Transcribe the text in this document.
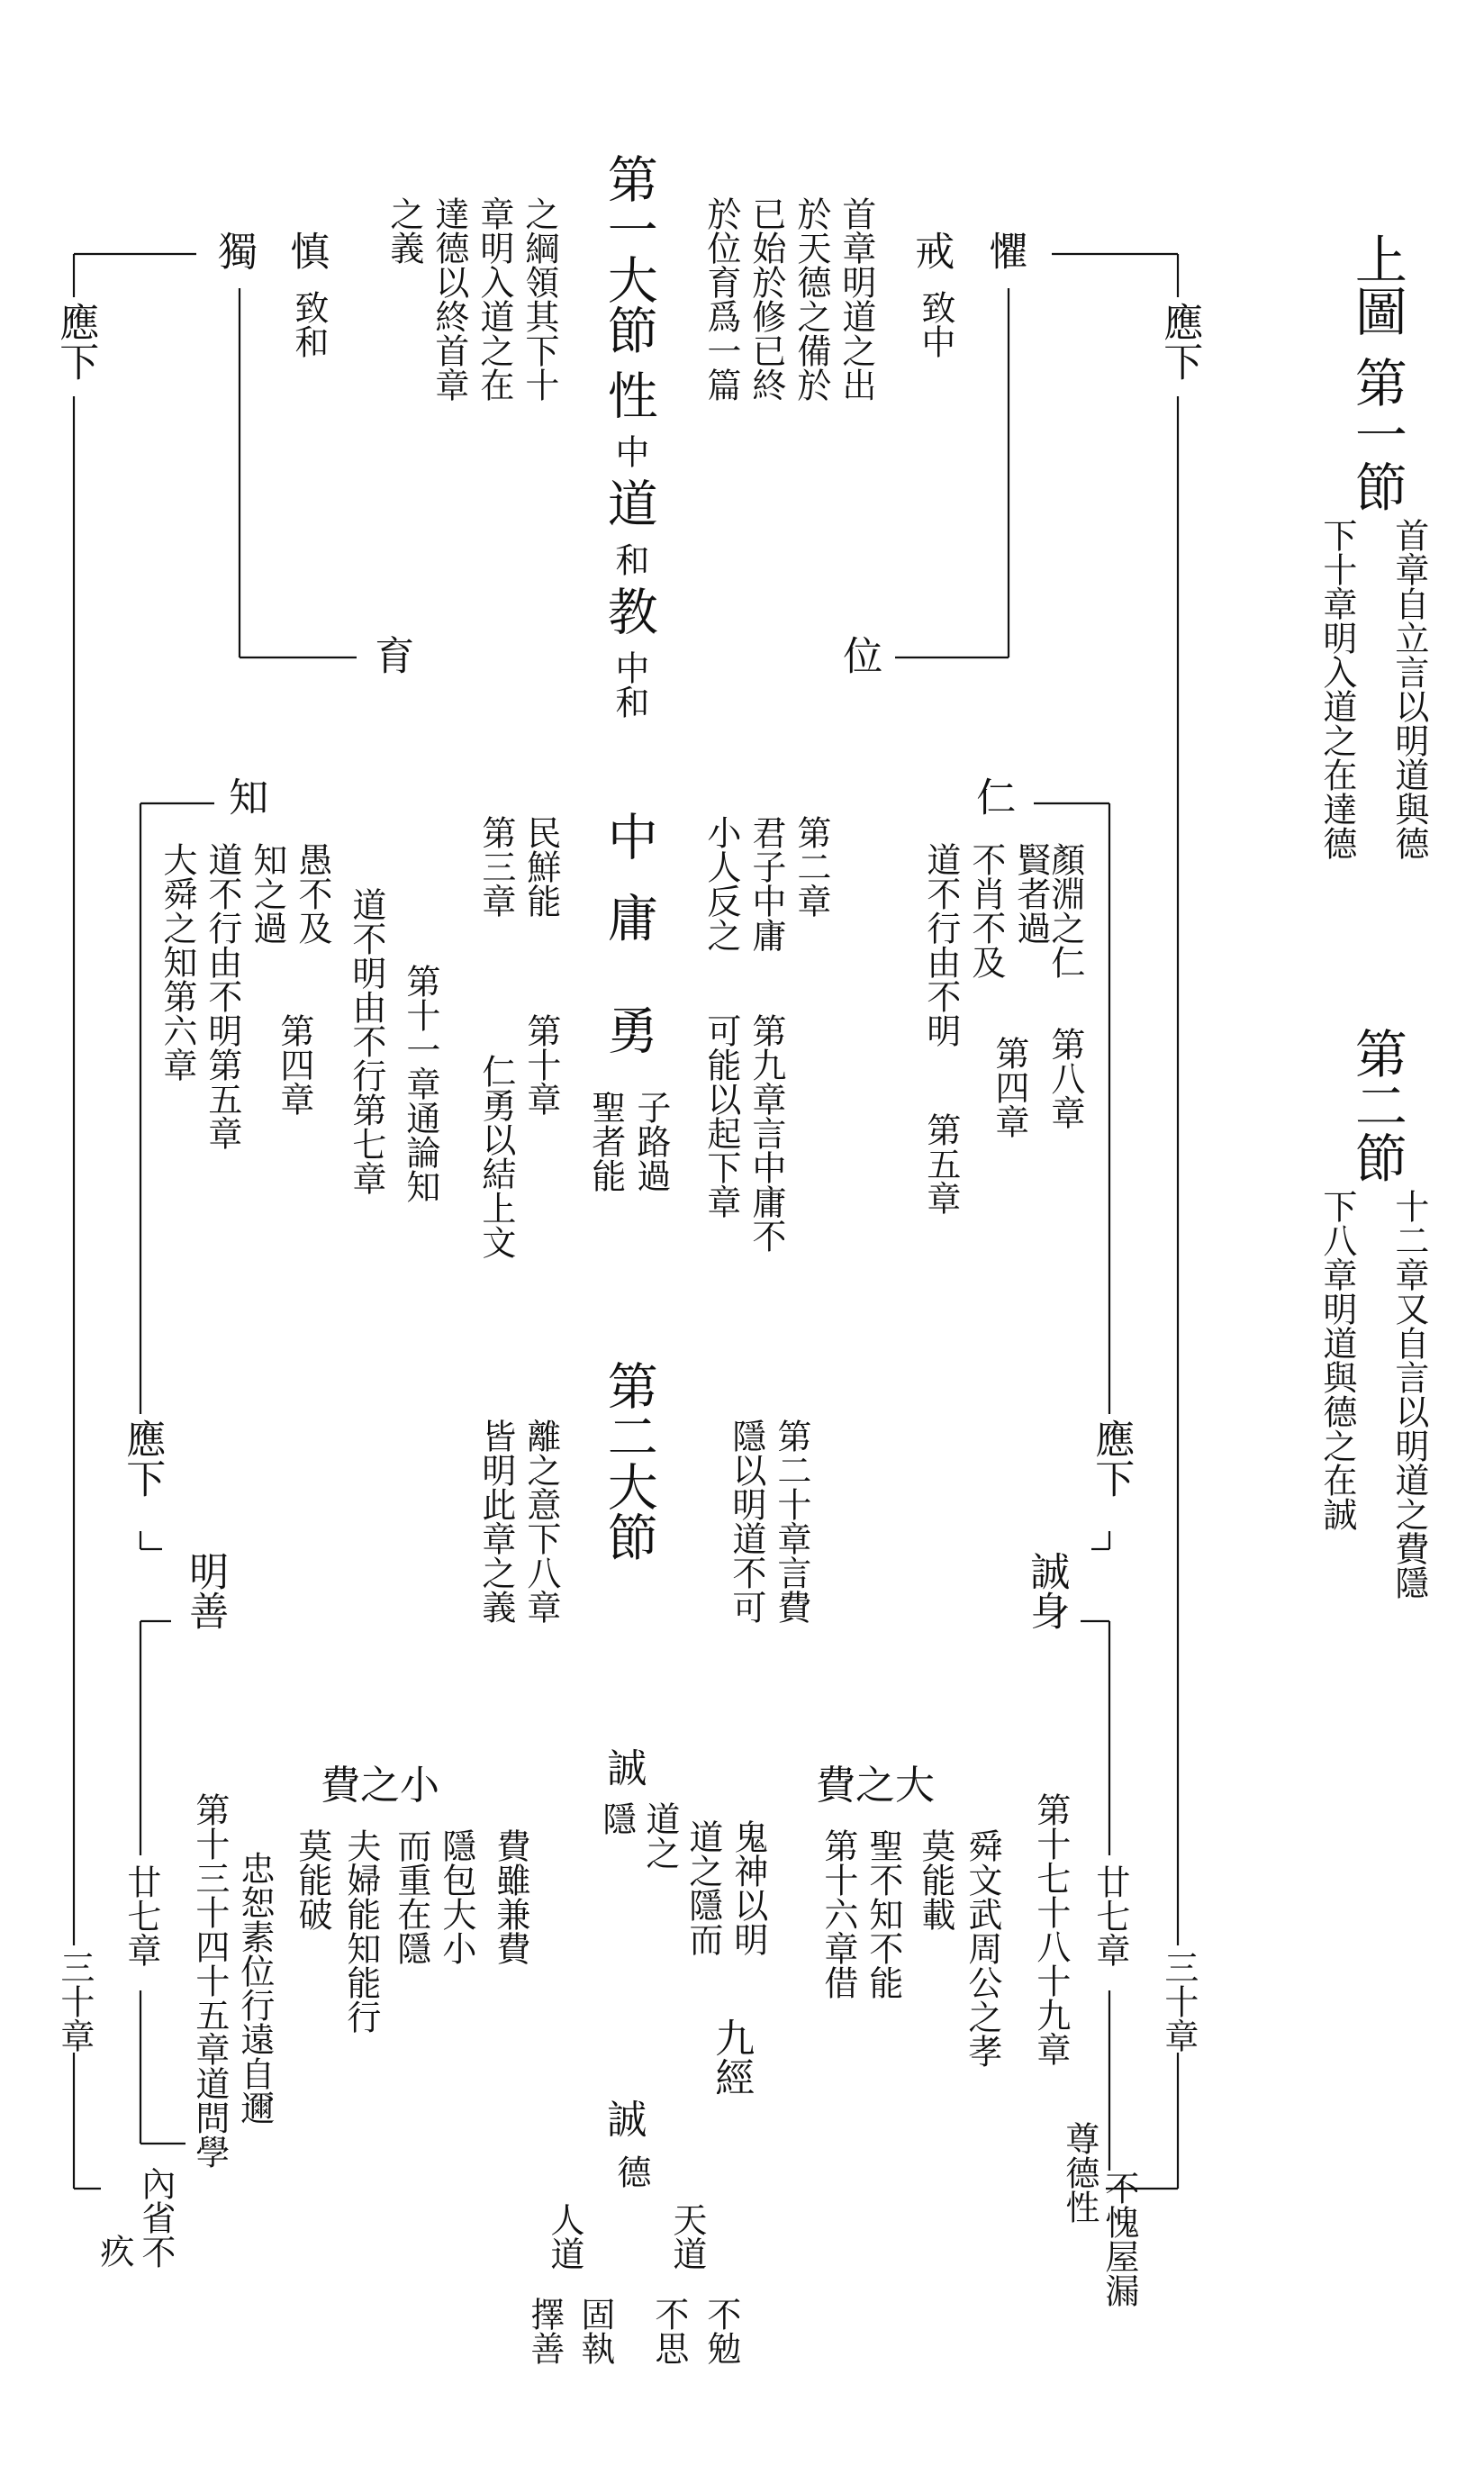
上圖
第一節
首章自立言以明道與德
下十章明入道之在達德
第二節
十二章又自言以明道之費隱
下八章明道與德之在誠
第一大節
性
中
道
和
教
中和
首章明道之出
於天德之備於
已始於修已終
於位育爲一篇
之綱領其下十
章明入道之在
達德以終首章
之義	懼
戒
致中
慎
致和
獨
位
育
應下
應下
中
庸
勇
第二章
君子中庸
小人反之
民鮮能
第三章
仁
顏淵之仁
賢者過
不肖不及
道不行由不明
第八章
第四章
第五章
知
愚不及
知之過
道不行由不明第五章
大舜之知第六章
第十一章通論知
道不明由不行第七章
第四章	第九章言中庸不
可能以起下章
子路過
聖者能
第十章
仁勇以結上文
應下
應下	第二大節	第二十章言費
隱以明道不可
離之意下八章
皆明此章之義	誠身
明善
費之大
費之小	誠
隱 道之 鬼神以明
道之隱而
九經
誠
德
舜文武周公之孝
莫能載
聖不知不能
第十六章借	第十七十八十九章
費雖兼費
隱包大小
而重在隱
夫婦能知能行
莫能破
忠恕素位行遠自邇
第十三十四十五章道問學	廿七章
廿七章
三十章
三十章
尊德性 不愧屋漏
內省不
疚	天道
人道
不勉
不思
固執
擇善
